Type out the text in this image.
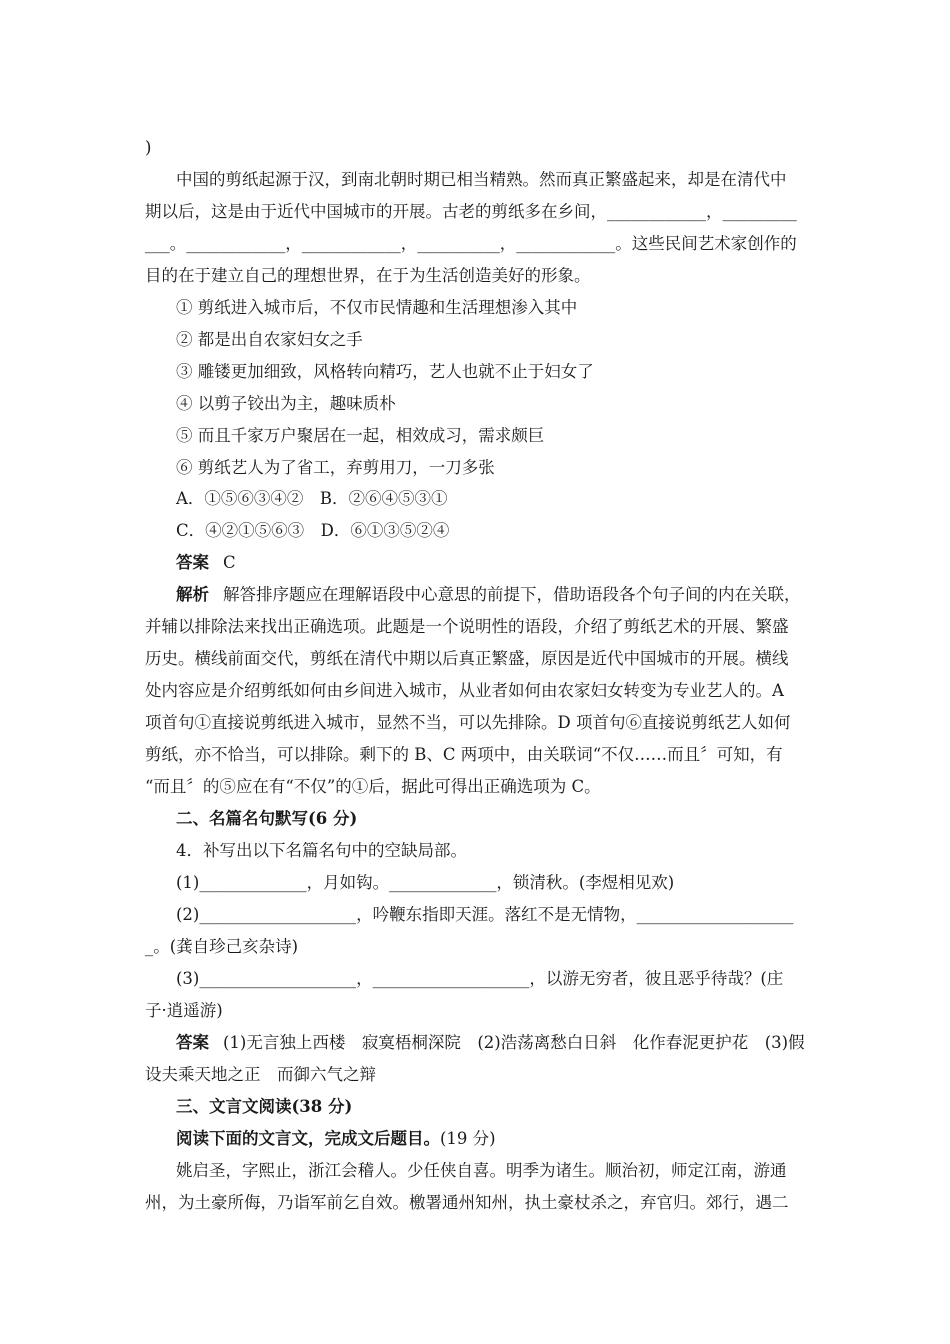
)
中国的剪纸起源于汉，到南北朝时期已相当精熟。然而真正繁盛起来，却是在清代中
期以后，这是由于近代中国城市的开展。古老的剪纸多在乡间，____________，_________
___。____________，____________，__________，____________。这些民间艺术家创作的
目的在于建立自己的理想世界，在于为生活创造美好的形象。
① 剪纸进入城市后，不仅市民情趣和生活理想渗入其中
② 都是出自农家妇女之手
③ 雕镂更加细致，风格转向精巧，艺人也就不止于妇女了
④ 以剪子铰出为主，趣味质朴
⑤ 而且千家万户聚居在一起，相效成习，需求颇巨
⑥ 剪纸艺人为了省工，弃剪用刀，一刀多张
A．①⑤⑥③④②　B．②⑥④⑤③①
C．④②①⑤⑥③　D．⑥①③⑤②④
答案 C
解析 解答排序题应在理解语段中心意思的前提下，借助语段各个句子间的内在关联，
并辅以排除法来找出正确选项。此题是一个说明性的语段，介绍了剪纸艺术的开展、繁盛
历史。横线前面交代，剪纸在清代中期以后真正繁盛，原因是近代中国城市的开展。横线
处内容应是介绍剪纸如何由乡间进入城市，从业者如何由农家妇女转变为专业艺人的。A
项首句①直接说剪纸进入城市，显然不当，可以先排除。D 项首句⑥直接说剪纸艺人如何
剪纸，亦不恰当，可以排除。剩下的 B、C 两项中，由关联词“不仅……而且〞可知，有
“而且〞的⑤应在有“不仅”的①后，据此可得出正确选项为 C。
二、名篇名句默写(6 分)
4．补写出以下名篇名句中的空缺局部。
(1)_____________，月如钩。_____________，锁清秋。(李煜相见欢)
(2)___________________，吟鞭东指即天涯。落红不是无情物，___________________
_。(龚自珍己亥杂诗)
(3)___________________，___________________，以游无穷者，彼且恶乎待哉？(庄
子·逍遥游)
答案 (1)无言独上西楼　寂寞梧桐深院　(2)浩荡离愁白日斜　化作春泥更护花　(3)假
设夫乘天地之正　而御六气之辩
三、文言文阅读(38 分)
阅读下面的文言文，完成文后题目。(19 分)
姚启圣，字熙止，浙江会稽人。少任侠自喜。明季为诸生。顺治初，师定江南，游通
州，为土豪所侮，乃诣军前乞自效。檄署通州知州，执土豪杖杀之，弃官归。郊行，遇二
